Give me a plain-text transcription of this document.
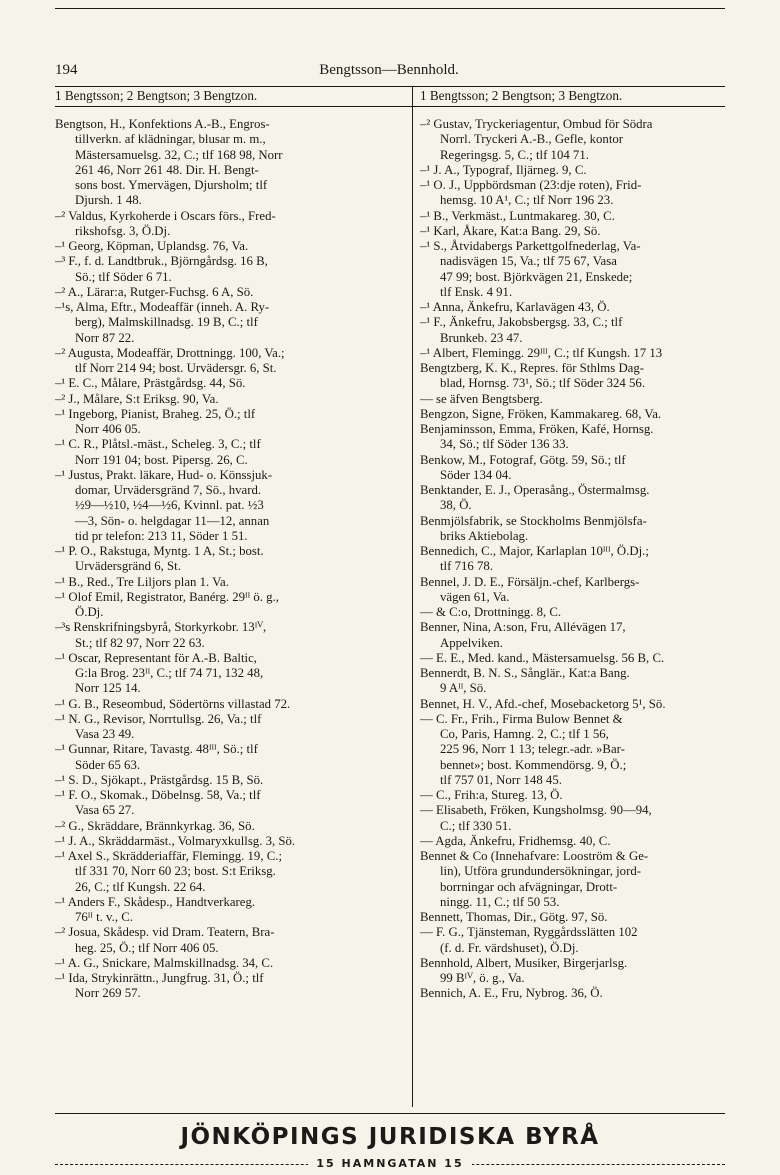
194	Bengtsson—Bennhold.
1 Bengtsson; 2 Bengtson; 3 Bengtzon.	1 Bengtsson; 2 Bengtson; 3 Bengtzon.
Bengtson, H., Konfektions A.-B., Engros-
tillverkn. af klädningar, blusar m. m.,
Mästersamuelsg. 32, C.; tlf 168 98, Norr
261 46, Norr 261 48. Dir. H. Bengt-
sons bost. Ymervägen, Djursholm; tlf
Djursh. 1 48.
–² Valdus, Kyrkoherde i Oscars förs., Fred-
rikshofsg. 3, Ö.Dj.
–¹ Georg, Köpman, Uplandsg. 76, Va.
–³ F., f. d. Landtbruk., Björngårdsg. 16 B,
Sö.; tlf Söder 6 71.
–² A., Lärar:a, Rutger-Fuchsg. 6 A, Sö.
–¹s, Alma, Eftr., Modeaffär (inneh. A. Ry-
berg), Malmskillnadsg. 19 B, C.; tlf
Norr 87 22.
–² Augusta, Modeaffär, Drottningg. 100, Va.;
tlf Norr 214 94; bost. Urvädersgr. 6, St.
–¹ E. C., Målare, Prästgårdsg. 44, Sö.
–² J., Målare, S:t Eriksg. 90, Va.
–¹ Ingeborg, Pianist, Braheg. 25, Ö.; tlf
Norr 406 05.
–¹ C. R., Plåtsl.-mäst., Scheleg. 3, C.; tlf
Norr 191 04; bost. Pipersg. 26, C.
–¹ Justus, Prakt. läkare, Hud- o. Könssjuk-
domar, Urvädersgränd 7, Sö., hvard.
½9—½10, ½4—½6, Kvinnl. pat. ½3
—3, Sön- o. helgdagar 11—12, annan
tid pr telefon: 213 11, Söder 1 51.
–¹ P. O., Rakstuga, Myntg. 1 A, St.; bost.
Urvädersgränd 6, St.
–¹ B., Red., Tre Liljors plan 1. Va.
–¹ Olof Emil, Registrator, Banérg. 29ᴵᴵ ö. g.,
Ö.Dj.
–³s Renskrifningsbyrå, Storkyrkobr. 13ᴵⱽ,
St.; tlf 82 97, Norr 22 63.
–¹ Oscar, Representant för A.-B. Baltic,
G:la Brog. 23ᴵᴵ, C.; tlf 74 71, 132 48,
Norr 125 14.
–¹ G. B., Reseombud, Södertörns villastad 72.
–¹ N. G., Revisor, Norrtullsg. 26, Va.; tlf
Vasa 23 49.
–¹ Gunnar, Ritare, Tavastg. 48ᴵᴵᴵ, Sö.; tlf
Söder 65 63.
–¹ S. D., Sjökapt., Prästgårdsg. 15 B, Sö.
–¹ F. O., Skomak., Döbelnsg. 58, Va.; tlf
Vasa 65 27.
–² G., Skräddare, Brännkyrkag. 36, Sö.
–¹ J. A., Skräddarmäst., Volmaryxkullsg. 3, Sö.
–¹ Axel S., Skrädderiaffär, Flemingg. 19, C.;
tlf 331 70, Norr 60 23; bost. S:t Eriksg.
26, C.; tlf Kungsh. 22 64.
–¹ Anders F., Skådesp., Handtverkareg.
76ᴵᴵ t. v., C.
–² Josua, Skådesp. vid Dram. Teatern, Bra-
heg. 25, Ö.; tlf Norr 406 05.
–¹ A. G., Snickare, Malmskillnadsg. 34, C.
–¹ Ida, Strykinrättn., Jungfrug. 31, Ö.; tlf
Norr 269 57.
–² Gustav, Tryckeriagentur, Ombud för Södra
Norrl. Tryckeri A.-B., Gefle, kontor
Regeringsg. 5, C.; tlf 104 71.
–¹ J. A., Typograf, Iljärneg. 9, C.
–¹ O. J., Uppbördsman (23:dje roten), Frid-
hemsg. 10 A¹, C.; tlf Norr 196 23.
–¹ B., Verkmäst., Luntmakareg. 30, C.
–¹ Karl, Åkare, Kat:a Bang. 29, Sö.
–¹ S., Åtvidabergs Parkettgolfnederlag, Va-
nadisvägen 15, Va.; tlf 75 67, Vasa
47 99; bost. Björkvägen 21, Enskede;
tlf Ensk. 4 91.
–¹ Anna, Änkefru, Karlavägen 43, Ö.
–¹ F., Änkefru, Jakobsbergsg. 33, C.; tlf
Brunkeb. 23 47.
–¹ Albert, Flemingg. 29ᴵᴵᴵ, C.; tlf Kungsh. 17 13
Bengtzberg, K. K., Repres. för Sthlms Dag-
blad, Hornsg. 73¹, Sö.; tlf Söder 324 56.
— se äfven Bengtsberg.
Bengzon, Signe, Fröken, Kammakareg. 68, Va.
Benjaminsson, Emma, Fröken, Kafé, Hornsg.
34, Sö.; tlf Söder 136 33.
Benkow, M., Fotograf, Götg. 59, Sö.; tlf
Söder 134 04.
Benktander, E. J., Operasång., Östermalmsg.
38, Ö.
Benmjölsfabrik, se Stockholms Benmjölsfa-
briks Aktiebolag.
Bennedich, C., Major, Karlaplan 10ᴵᴵᴵ, Ö.Dj.;
tlf 716 78.
Bennel, J. D. E., Försäljn.-chef, Karlbergs-
vägen 61, Va.
— & C:o, Drottningg. 8, C.
Benner, Nina, A:son, Fru, Allévägen 17,
Appelviken.
— E. E., Med. kand., Mästersamuelsg. 56 B, C.
Bennerdt, B. N. S., Sånglär., Kat:a Bang.
9 Aᴵᴵ, Sö.
Bennet, H. V., Afd.-chef, Mosebacketorg 5¹, Sö.
— C. Fr., Frih., Firma Bulow Bennet &
Co, Paris, Hamng. 2, C.; tlf 1 56,
225 96, Norr 1 13; telegr.-adr. »Bar-
bennet»; bost. Kommendörsg. 9, Ö.;
tlf 757 01, Norr 148 45.
— C., Frih:a, Stureg. 13, Ö.
— Elisabeth, Fröken, Kungsholmsg. 90—94,
C.; tlf 330 51.
— Agda, Änkefru, Fridhemsg. 40, C.
Bennet & Co (Innehafvare: Looström & Ge-
lin), Utföra grundundersökningar, jord-
borrningar och afvägningar, Drott-
ningg. 11, C.; tlf 50 53.
Bennett, Thomas, Dir., Götg. 97, Sö.
— F. G., Tjänsteman, Ryggårdsslätten 102
(f. d. Fr. värdshuset), Ö.Dj.
Bennhold, Albert, Musiker, Birgerjarlsg.
99 Bᴵⱽ, ö. g., Va.
Bennich, A. E., Fru, Nybrog. 36, Ö.
JÖNKÖPINGS JURIDISKA BYRÅ
15 HAMNGATAN 15
